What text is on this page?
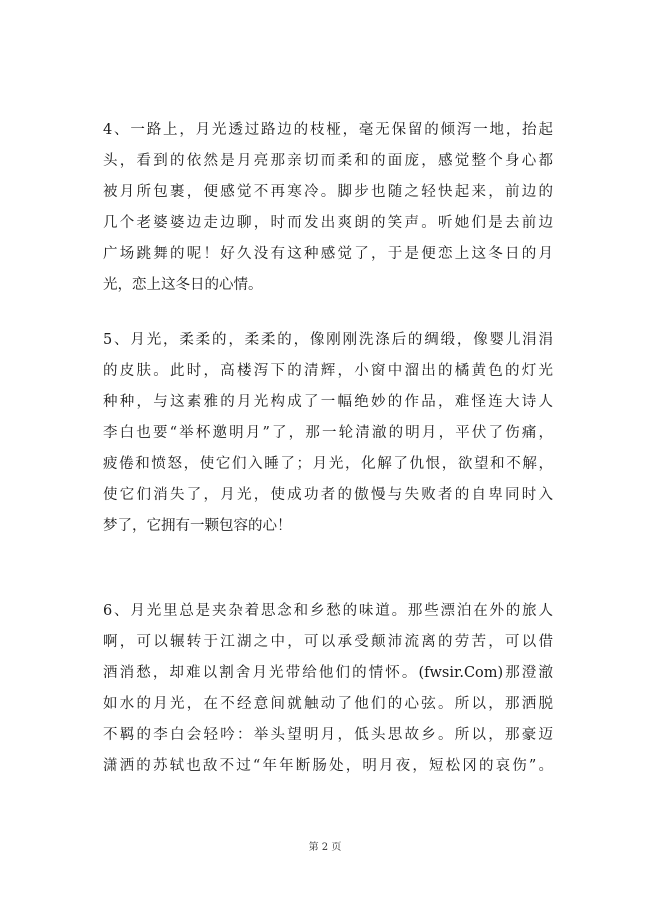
4、一路上，月光透过路边的枝桠，毫无保留的倾泻一地，抬起
头，看到的依然是月亮那亲切而柔和的面庞，感觉整个身心都
被月所包裹，便感觉不再寒冷。脚步也随之轻快起来，前边的
几个老婆婆边走边聊，时而发出爽朗的笑声。听她们是去前边
广场跳舞的呢！好久没有这种感觉了，于是便恋上这冬日的月
光，恋上这冬日的心情。

5、月光，柔柔的，柔柔的，像刚刚洗涤后的绸缎，像婴儿涓涓
的皮肤。此时，高楼泻下的清辉，小窗中溜出的橘黄色的灯光
种种，与这素雅的月光构成了一幅绝妙的作品，难怪连大诗人
李白也要“举杯邀明月”了，那一轮清澈的明月，平伏了伤痛，
疲倦和愤怒，使它们入睡了；月光，化解了仇恨，欲望和不解，
使它们消失了，月光，使成功者的傲慢与失败者的自卑同时入
梦了，它拥有一颗包容的心！

6、月光里总是夹杂着思念和乡愁的味道。那些漂泊在外的旅人
啊，可以辗转于江湖之中，可以承受颠沛流离的劳苦，可以借
酒消愁，却难以割舍月光带给他们的情怀。(fwsir.Com)那澄澈
如水的月光，在不经意间就触动了他们的心弦。所以，那洒脱
不羁的李白会轻吟：举头望明月，低头思故乡。所以，那豪迈
潇洒的苏轼也敌不过“年年断肠处，明月夜，短松冈的哀伤”。

第 2 页
